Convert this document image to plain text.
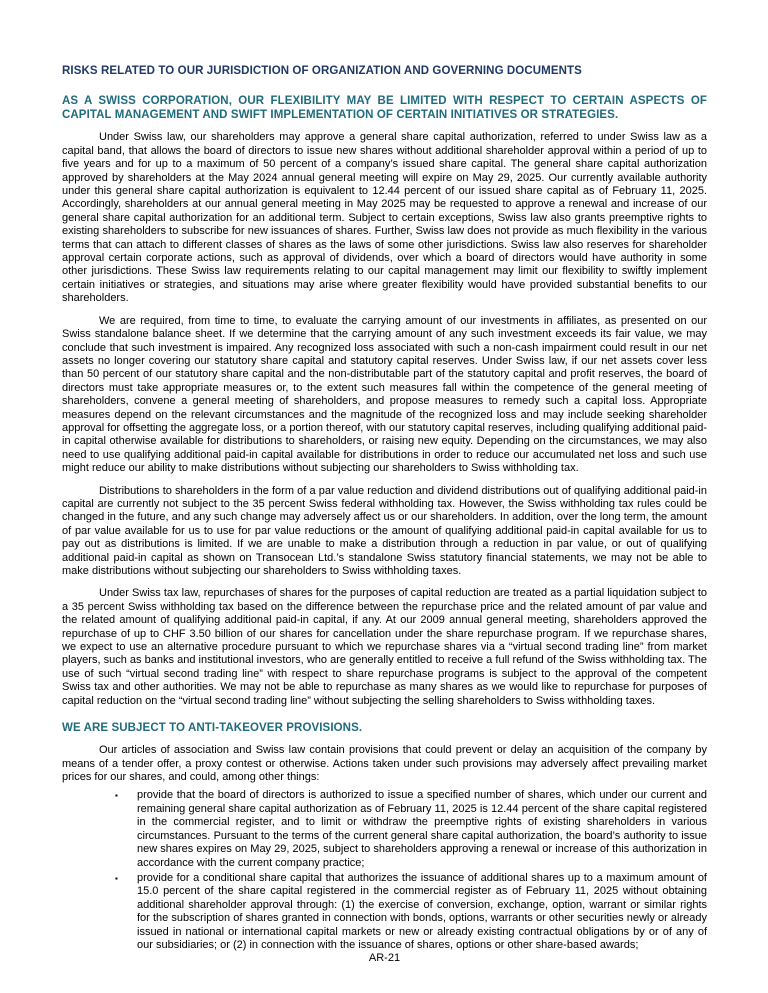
RISKS RELATED TO OUR JURISDICTION OF ORGANIZATION AND GOVERNING DOCUMENTS
AS A SWISS CORPORATION, OUR FLEXIBILITY MAY BE LIMITED WITH RESPECT TO CERTAIN ASPECTS OF CAPITAL MANAGEMENT AND SWIFT IMPLEMENTATION OF CERTAIN INITIATIVES OR STRATEGIES.

Under Swiss law, our shareholders may approve a general share capital authorization, referred to under Swiss law as a capital band, that allows the board of directors to issue new shares without additional shareholder approval within a period of up to five years and for up to a maximum of 50 percent of a company’s issued share capital. The general share capital authorization approved by shareholders at the May 2024 annual general meeting will expire on May 29, 2025. Our currently available authority under this general share capital authorization is equivalent to 12.44 percent of our issued share capital as of February 11, 2025. Accordingly, shareholders at our annual general meeting in May 2025 may be requested to approve a renewal and increase of our general share capital authorization for an additional term. Subject to certain exceptions, Swiss law also grants preemptive rights to existing shareholders to subscribe for new issuances of shares. Further, Swiss law does not provide as much flexibility in the various terms that can attach to different classes of shares as the laws of some other jurisdictions. Swiss law also reserves for shareholder approval certain corporate actions, such as approval of dividends, over which a board of directors would have authority in some other jurisdictions. These Swiss law requirements relating to our capital management may limit our flexibility to swiftly implement certain initiatives or strategies, and situations may arise where greater flexibility would have provided substantial benefits to our shareholders.

We are required, from time to time, to evaluate the carrying amount of our investments in affiliates, as presented on our Swiss standalone balance sheet. If we determine that the carrying amount of any such investment exceeds its fair value, we may conclude that such investment is impaired. Any recognized loss associated with such a non-cash impairment could result in our net assets no longer covering our statutory share capital and statutory capital reserves. Under Swiss law, if our net assets cover less than 50 percent of our statutory share capital and the non-distributable part of the statutory capital and profit reserves, the board of directors must take appropriate measures or, to the extent such measures fall within the competence of the general meeting of shareholders, convene a general meeting of shareholders, and propose measures to remedy such a capital loss. Appropriate measures depend on the relevant circumstances and the magnitude of the recognized loss and may include seeking shareholder approval for offsetting the aggregate loss, or a portion thereof, with our statutory capital reserves, including qualifying additional paid-in capital otherwise available for distributions to shareholders, or raising new equity. Depending on the circumstances, we may also need to use qualifying additional paid-in capital available for distributions in order to reduce our accumulated net loss and such use might reduce our ability to make distributions without subjecting our shareholders to Swiss withholding tax.

Distributions to shareholders in the form of a par value reduction and dividend distributions out of qualifying additional paid-in capital are currently not subject to the 35 percent Swiss federal withholding tax. However, the Swiss withholding tax rules could be changed in the future, and any such change may adversely affect us or our shareholders. In addition, over the long term, the amount of par value available for us to use for par value reductions or the amount of qualifying additional paid-in capital available for us to pay out as distributions is limited. If we are unable to make a distribution through a reduction in par value, or out of qualifying additional paid-in capital as shown on Transocean Ltd.’s standalone Swiss statutory financial statements, we may not be able to make distributions without subjecting our shareholders to Swiss withholding taxes.

Under Swiss tax law, repurchases of shares for the purposes of capital reduction are treated as a partial liquidation subject to a 35 percent Swiss withholding tax based on the difference between the repurchase price and the related amount of par value and the related amount of qualifying additional paid-in capital, if any. At our 2009 annual general meeting, shareholders approved the repurchase of up to CHF 3.50 billion of our shares for cancellation under the share repurchase program. If we repurchase shares, we expect to use an alternative procedure pursuant to which we repurchase shares via a “virtual second trading line” from market players, such as banks and institutional investors, who are generally entitled to receive a full refund of the Swiss withholding tax. The use of such “virtual second trading line” with respect to share repurchase programs is subject to the approval of the competent Swiss tax and other authorities. We may not be able to repurchase as many shares as we would like to repurchase for purposes of capital reduction on the “virtual second trading line” without subjecting the selling shareholders to Swiss withholding taxes.

WE ARE SUBJECT TO ANTI-TAKEOVER PROVISIONS.

Our articles of association and Swiss law contain provisions that could prevent or delay an acquisition of the company by means of a tender offer, a proxy contest or otherwise. Actions taken under such provisions may adversely affect prevailing market prices for our shares, and could, among other things:

▪	provide that the board of directors is authorized to issue a specified number of shares, which under our current and remaining general share capital authorization as of February 11, 2025 is 12.44 percent of the share capital registered in the commercial register, and to limit or withdraw the preemptive rights of existing shareholders in various circumstances. Pursuant to the terms of the current general share capital authorization, the board’s authority to issue new shares expires on May 29, 2025, subject to shareholders approving a renewal or increase of this authorization in accordance with the current company practice;
▪	provide for a conditional share capital that authorizes the issuance of additional shares up to a maximum amount of 15.0 percent of the share capital registered in the commercial register as of February 11, 2025 without obtaining additional shareholder approval through: (1) the exercise of conversion, exchange, option, warrant or similar rights for the subscription of shares granted in connection with bonds, options, warrants or other securities newly or already issued in national or international capital markets or new or already existing contractual obligations by or of any of our subsidiaries; or (2) in connection with the issuance of shares, options or other share-based awards;
AR-21
